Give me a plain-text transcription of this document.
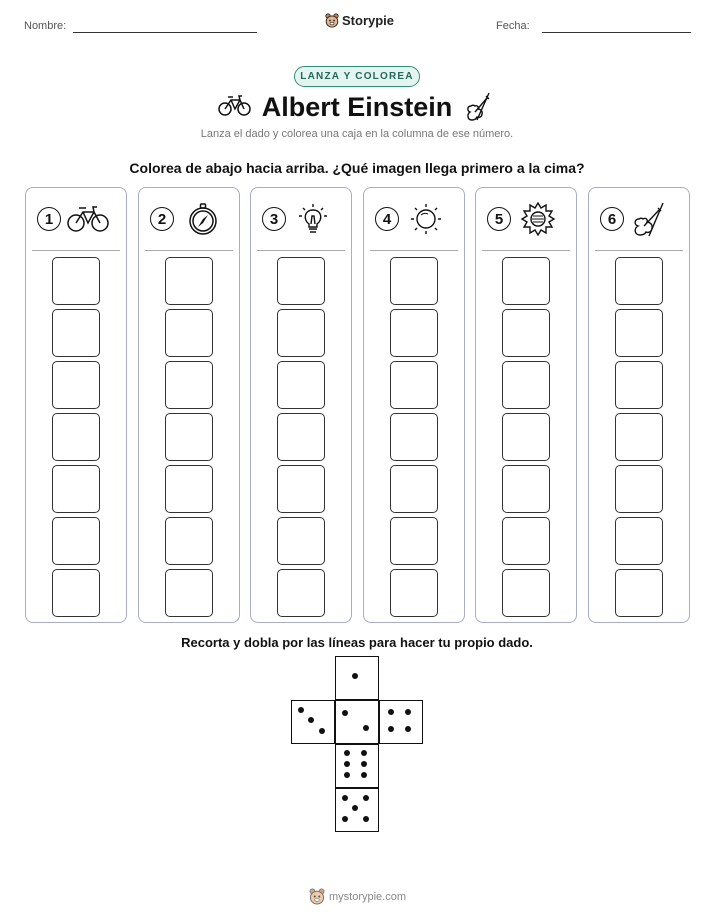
Nombre:	Storypie	Fecha:
LANZA Y COLOREA
Albert Einstein
Lanza el dado y colorea una caja en la columna de ese número.
Colorea de abajo hacia arriba. ¿Qué imagen llega primero a la cima?
1	2	3	4	5	6
Recorta y dobla por las líneas para hacer tu propio dado.
mystorypie.com
